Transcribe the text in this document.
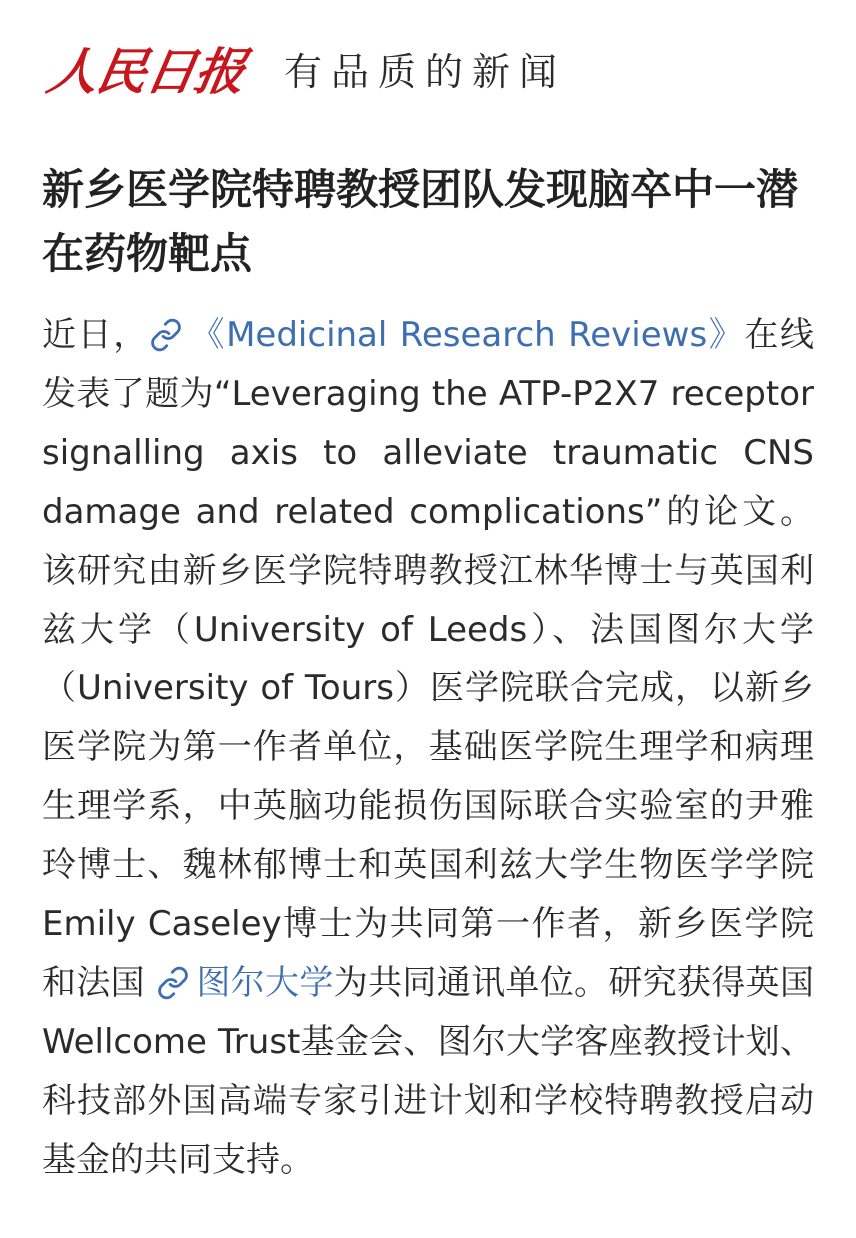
人民日报 有品质的新闻
新乡医学院特聘教授团队发现脑卒中一潜在药物靶点

近日， 《Medicinal Research Reviews》在线发表了题为“Leveraging the ATP-P2X7 receptor signalling axis to alleviate traumatic CNS damage and related complications”的论文。该研究由新乡医学院特聘教授江林华博士与英国利兹大学（University of Leeds）、法国图尔大学（University of Tours）医学院联合完成，以新乡医学院为第一作者单位，基础医学院生理学和病理生理学系，中英脑功能损伤国际联合实验室的尹雅玲博士、魏林郁博士和英国利兹大学生物医学学院Emily Caseley博士为共同第一作者，新乡医学院和法国 图尔大学为共同通讯单位。研究获得英国Wellcome Trust基金会、图尔大学客座教授计划、科技部外国高端专家引进计划和学校特聘教授启动基金的共同支持。
